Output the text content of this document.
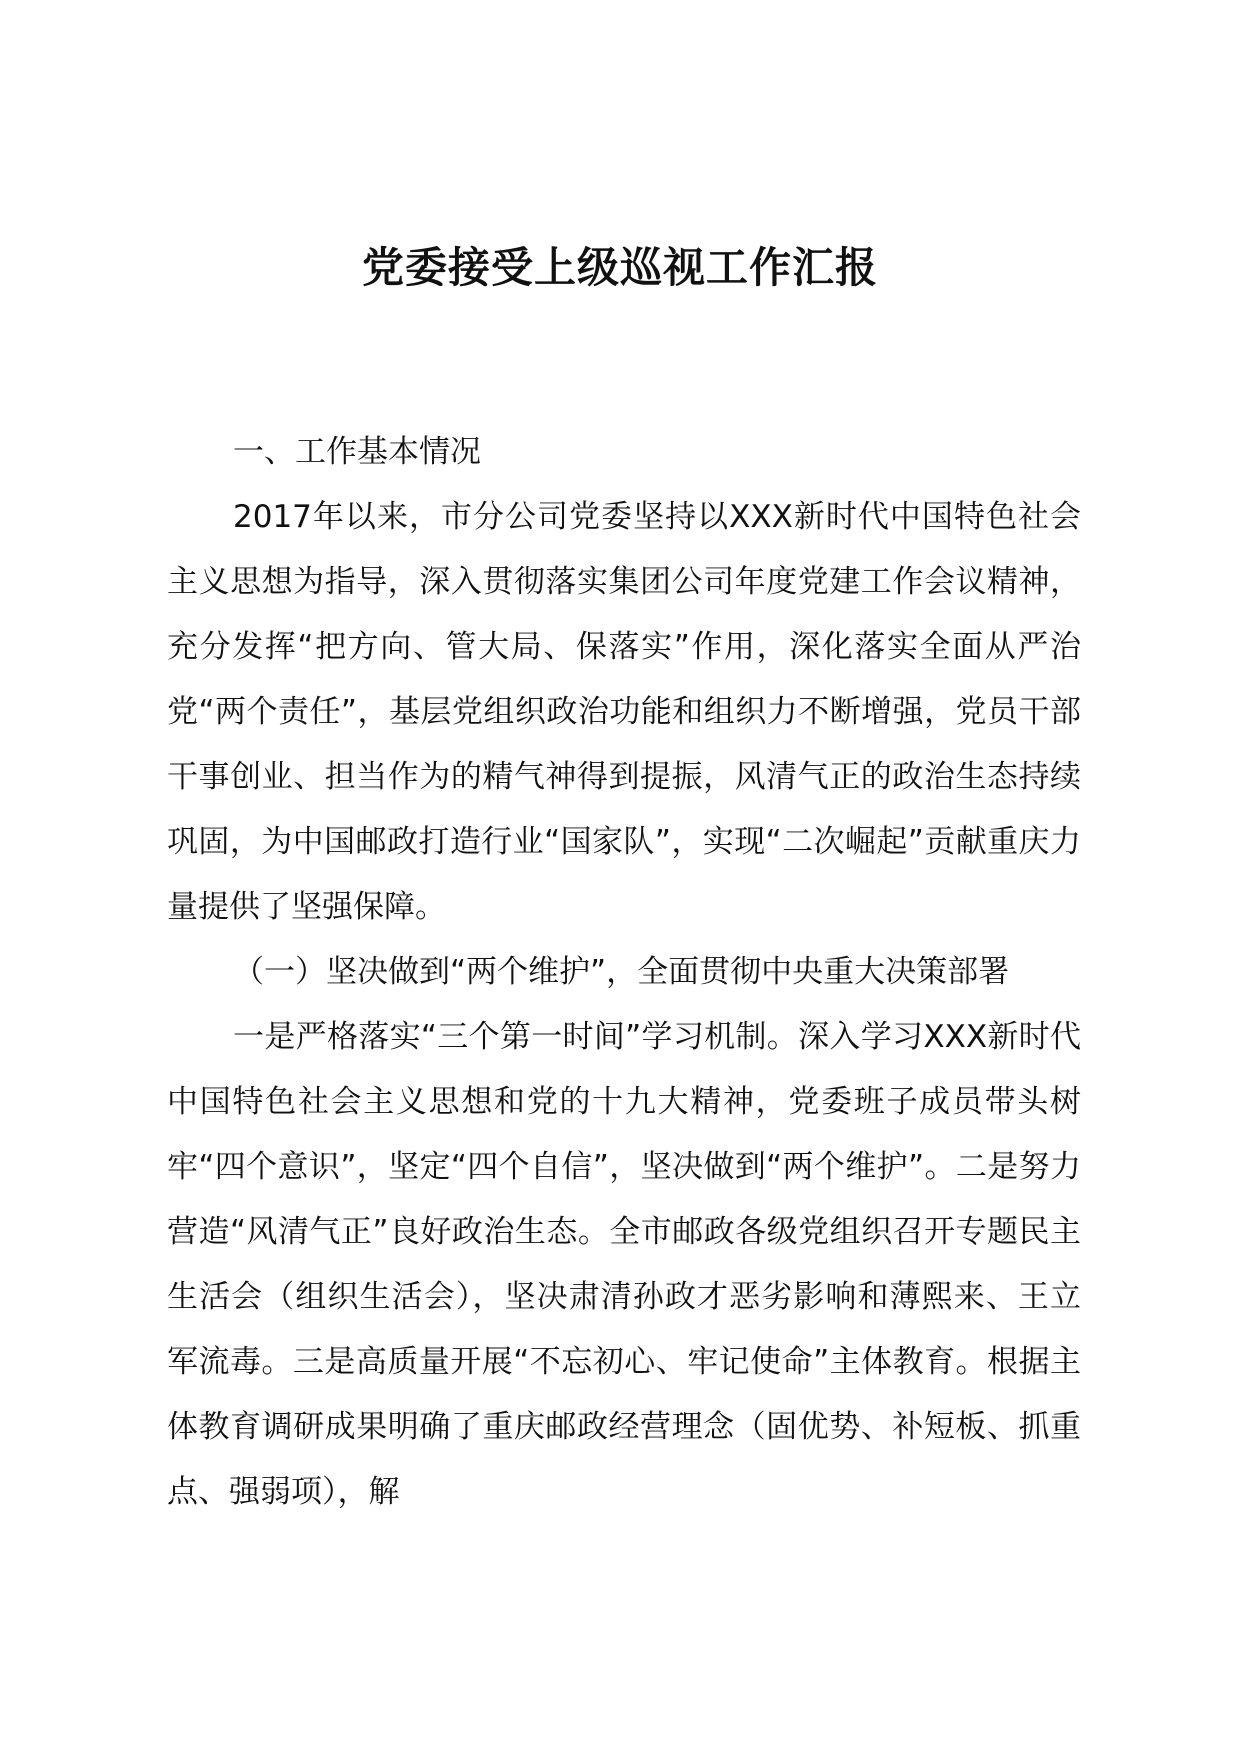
党委接受上级巡视工作汇报

一、工作基本情况

2017年以来，市分公司党委坚持以XXX新时代中国特色社会主义思想为指导，深入贯彻落实集团公司年度党建工作会议精神，充分发挥“把方向、管大局、保落实”作用，深化落实全面从严治党“两个责任”，基层党组织政治功能和组织力不断增强，党员干部干事创业、担当作为的精气神得到提振，风清气正的政治生态持续巩固，为中国邮政打造行业“国家队”，实现“二次崛起”贡献重庆力量提供了坚强保障。

（一）坚决做到“两个维护”，全面贯彻中央重大决策部署

一是严格落实“三个第一时间”学习机制。深入学习XXX新时代中国特色社会主义思想和党的十九大精神，党委班子成员带头树牢“四个意识”，坚定“四个自信”，坚决做到“两个维护”。二是努力营造“风清气正”良好政治生态。全市邮政各级党组织召开专题民主生活会（组织生活会），坚决肃清孙政才恶劣影响和薄熙来、王立军流毒。三是高质量开展“不忘初心、牢记使命”主体教育。根据主体教育调研成果明确了重庆邮政经营理念（固优势、补短板、抓重点、强弱项），解
